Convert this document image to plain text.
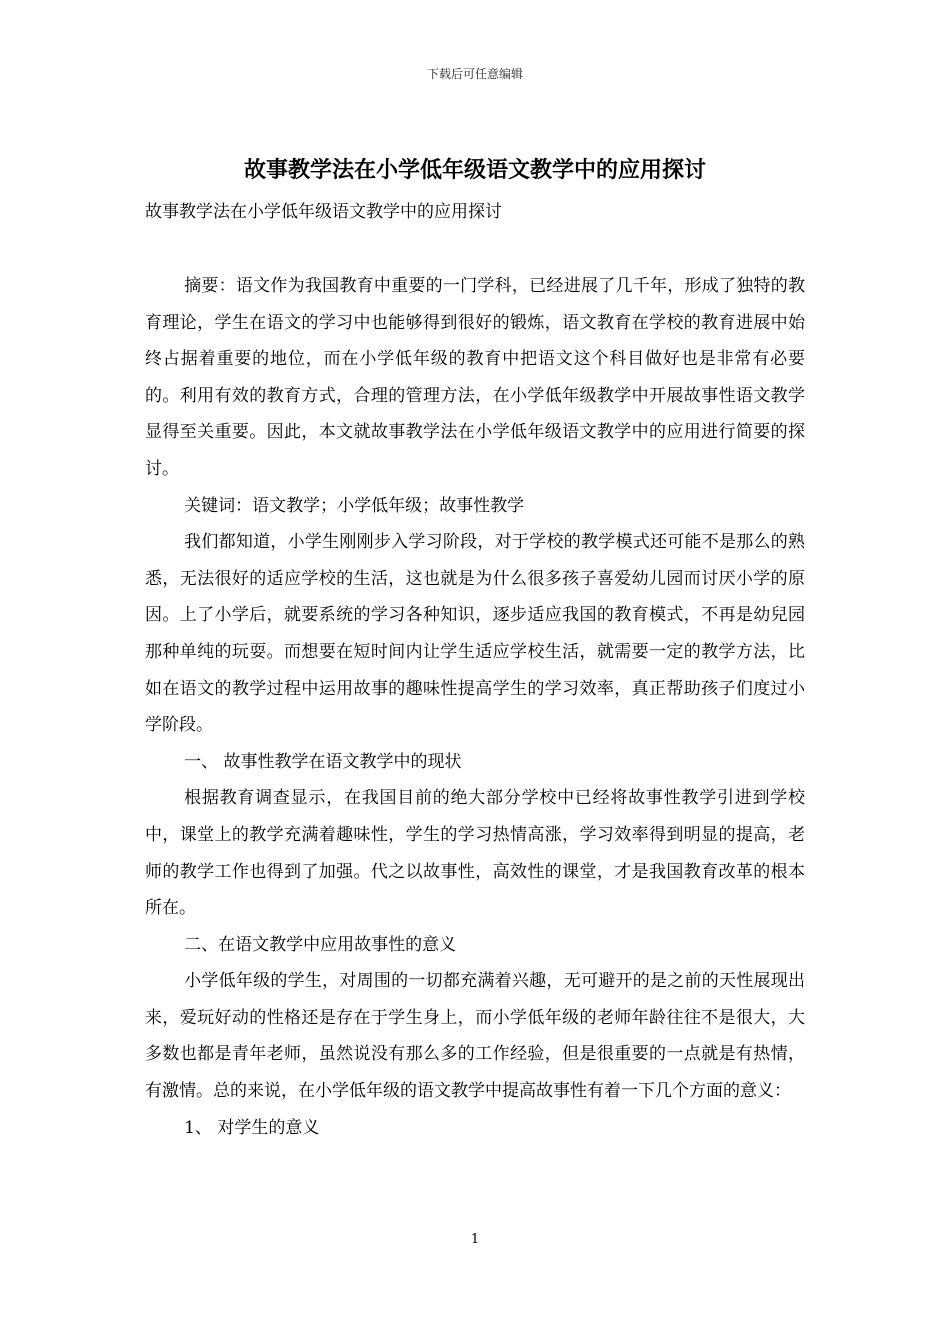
下载后可任意编辑
故事教学法在小学低年级语文教学中的应用探讨
故事教学法在小学低年级语文教学中的应用探讨

摘要：语文作为我国教育中重要的一门学科，已经进展了几千年，形成了独特的教育理论，学生在语文的学习中也能够得到很好的锻炼，语文教育在学校的教育进展中始终占据着重要的地位，而在小学低年级的教育中把语文这个科目做好也是非常有必要的。利用有效的教育方式，合理的管理方法，在小学低年级教学中开展故事性语文教学显得至关重要。因此，本文就故事教学法在小学低年级语文教学中的应用进行简要的探讨。

关键词：语文教学；小学低年级；故事性教学

我们都知道，小学生刚刚步入学习阶段，对于学校的教学模式还可能不是那么的熟悉，无法很好的适应学校的生活，这也就是为什么很多孩子喜爱幼儿园而讨厌小学的原因。上了小学后，就要系统的学习各种知识，逐步适应我国的教育模式，不再是幼兒园那种单纯的玩耍。而想要在短时间内让学生适应学校生活，就需要一定的教学方法，比如在语文的教学过程中运用故事的趣味性提高学生的学习效率，真正帮助孩子们度过小学阶段。

一、 故事性教学在语文教学中的现状

根据教育调查显示，在我国目前的绝大部分学校中已经将故事性教学引进到学校中，课堂上的教学充满着趣味性，学生的学习热情高涨，学习效率得到明显的提高，老师的教学工作也得到了加强。代之以故事性，高效性的课堂，才是我国教育改革的根本所在。

二、在语文教学中应用故事性的意义

小学低年级的学生，对周围的一切都充满着兴趣，无可避开的是之前的天性展现出来，爱玩好动的性格还是存在于学生身上，而小学低年级的老师年龄往往不是很大，大多数也都是青年老师，虽然说没有那么多的工作经验，但是很重要的一点就是有热情，有激情。总的来说，在小学低年级的语文教学中提高故事性有着一下几个方面的意义：

1、 对学生的意义

1
